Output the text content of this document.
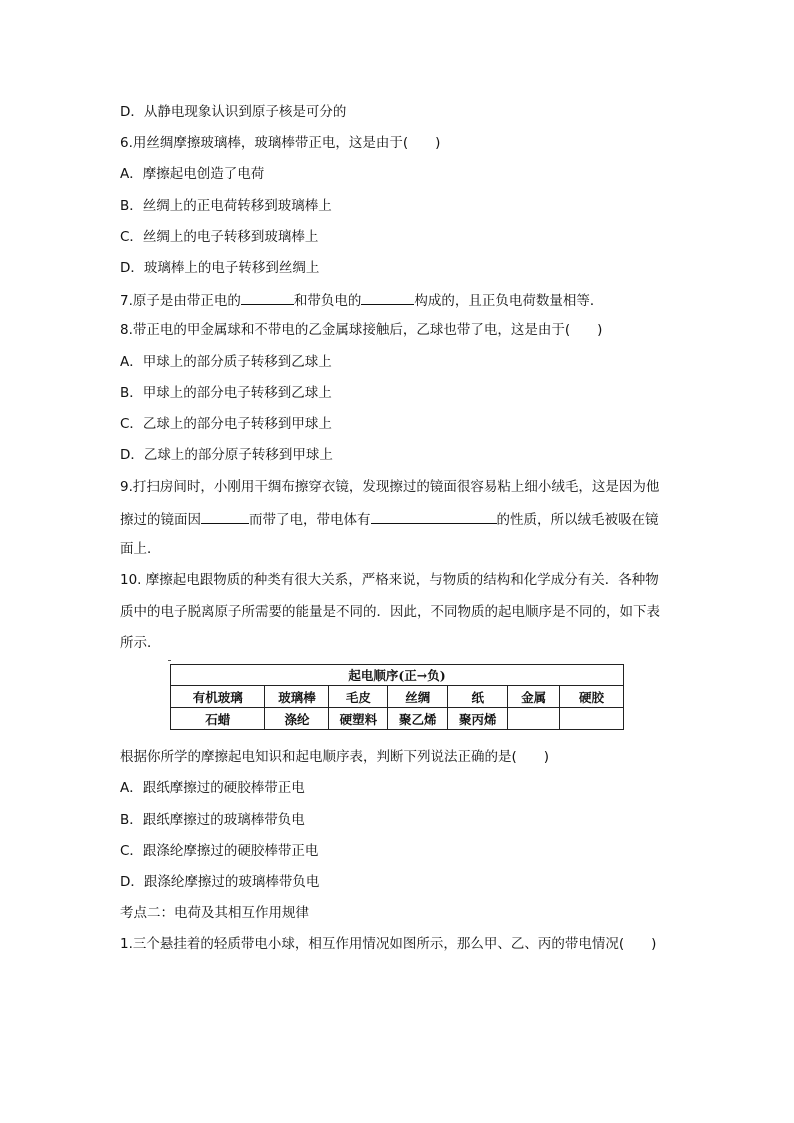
D．从静电现象认识到原子核是可分的
6.用丝绸摩擦玻璃棒，玻璃棒带正电，这是由于(　　)
A．摩擦起电创造了电荷
B．丝绸上的正电荷转移到玻璃棒上
C．丝绸上的电子转移到玻璃棒上
D．玻璃棒上的电子转移到丝绸上
7.原子是由带正电的	和带负电的	构成的，且正负电荷数量相等．
8.带正电的甲金属球和不带电的乙金属球接触后，乙球也带了电，这是由于(　　)
A．甲球上的部分质子转移到乙球上
B．甲球上的部分电子转移到乙球上
C．乙球上的部分电子转移到甲球上
D．乙球上的部分原子转移到甲球上
9.打扫房间时，小刚用干绸布擦穿衣镜，发现擦过的镜面很容易粘上细小绒毛，这是因为他
擦过的镜面因	而带了电，带电体有	的性质，所以绒毛被吸在镜
面上．
10. 摩擦起电跟物质的种类有很大关系，严格来说，与物质的结构和化学成分有关．各种物
质中的电子脱离原子所需要的能量是不同的．因此，不同物质的起电顺序是不同的，如下表
所示．
起电顺序(正→负)						
有机玻璃	玻璃棒	毛皮	丝绸	纸	金属	硬胶
石蜡	涤纶	硬塑料	聚乙烯	聚丙烯		
根据你所学的摩擦起电知识和起电顺序表，判断下列说法正确的是(　　)
A．跟纸摩擦过的硬胶棒带正电
B．跟纸摩擦过的玻璃棒带负电
C．跟涤纶摩擦过的硬胶棒带正电
D．跟涤纶摩擦过的玻璃棒带负电
考点二：电荷及其相互作用规律
1.三个悬挂着的轻质带电小球，相互作用情况如图所示，那么甲、乙、丙的带电情况(　　)
